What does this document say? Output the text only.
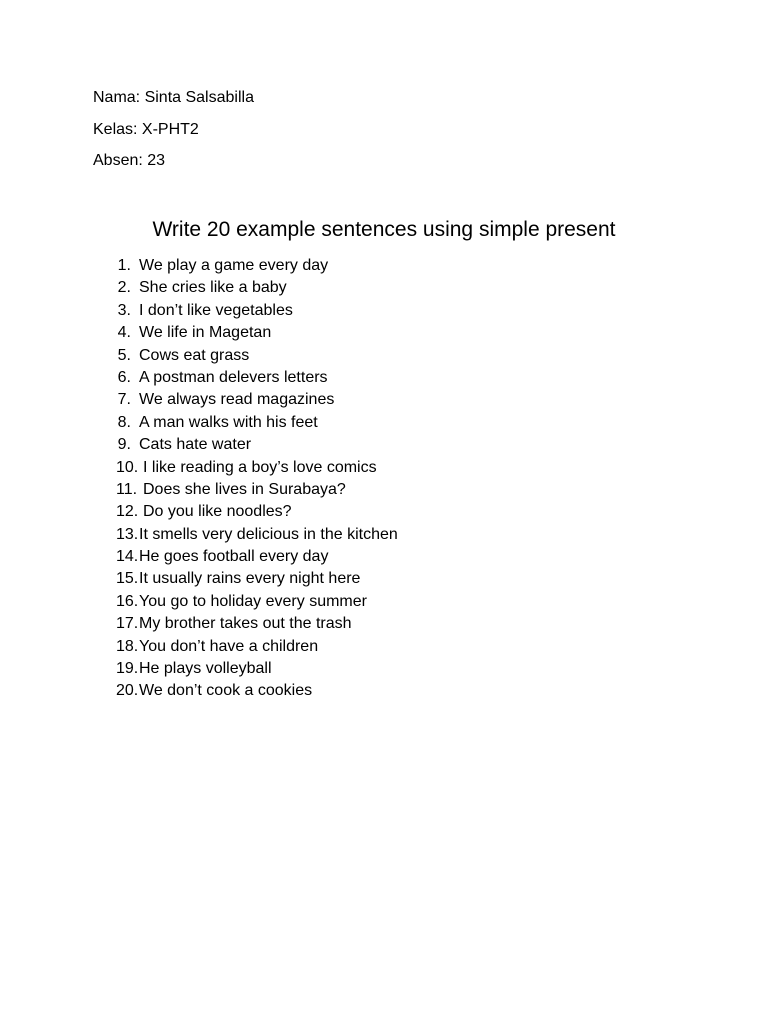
Nama: Sinta Salsabilla
Kelas: X-PHT2
Absen: 23
Write 20 example sentences using simple present
1. We play a game every day
2. She cries like a baby
3. I don’t like vegetables
4. We life in Magetan
5. Cows eat grass
6. A postman delevers letters
7. We always read magazines
8. A man walks with his feet
9. Cats hate water
10. I like reading a boy’s love comics
11. Does she lives in Surabaya?
12. Do you like noodles?
13. It smells very delicious in the kitchen
14. He goes football every day
15. It usually rains every night here
16. You go to holiday every summer
17. My brother takes out the trash
18. You don’t have a children
19. He plays volleyball
20. We don’t cook a cookies
